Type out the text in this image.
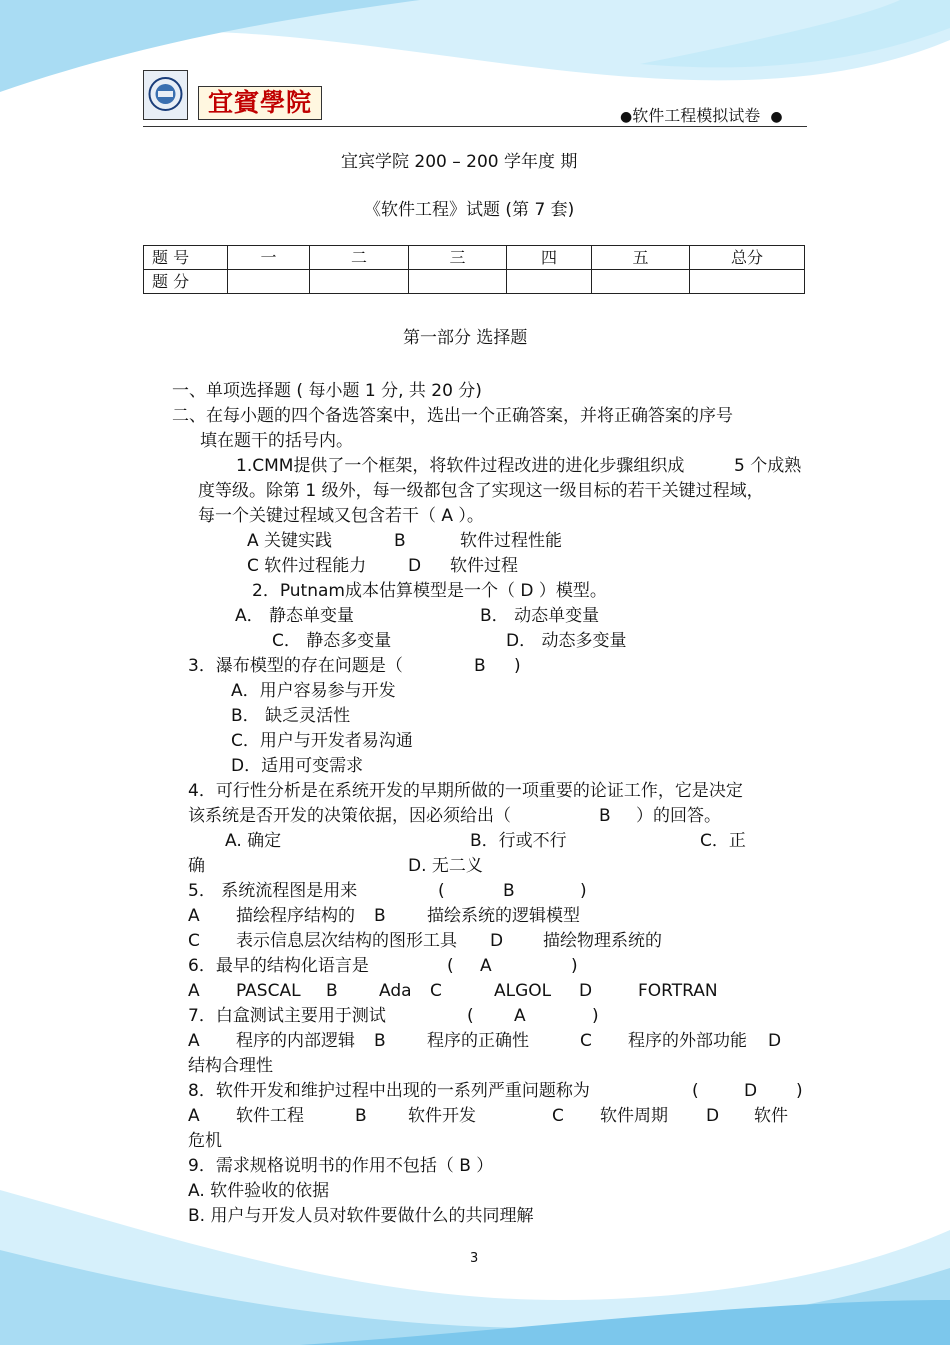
宜賓學院	●软件工程模拟试卷 ●
宜宾学院 200 – 200 学年度 期
《软件工程》试题 (第 7 套)
题 号	一	二	三	四	五	总分
题 分						
第一部分 选择题
一、单项选择题 ( 每小题 1 分, 共 20 分)
二、在每小题的四个备选答案中，选出一个正确答案，并将正确答案的序号
填在题干的括号内。
1.CMM提供了一个框架，将软件过程改进的进化步骤组织成	5 个成熟
度等级。除第 1 级外，每一级都包含了实现这一级目标的若干关键过程域，
每一个关键过程域又包含若干（ A ）。
A 关键实践	B	软件过程性能
C 软件过程能力 D 软件过程
2．Putnam成本估算模型是一个（ D ）模型。
A． 静态单变量	B． 动态单变量
C． 静态多变量	D． 动态多变量
3．瀑布模型的存在问题是（	B )
A．用户容易参与开发
B． 缺乏灵活性
C．用户与开发者易沟通
D．适用可变需求
4．可行性分析是在系统开发的早期所做的一项重要的论证工作，它是决定
该系统是否开发的决策依据，因必须给出（	B ）的回答。
A. 确定	B．行或不行	C．正
确	D. 无二义
5． 系统流程图是用来	(	B	)
A 描绘程序结构的 B 描绘系统的逻辑模型
C 表示信息层次结构的图形工具 D 描绘物理系统的
6．最早的结构化语言是	( A	)
A PASCAL B Ada C	ALGOL D	FORTRAN
7．白盒测试主要用于测试	( A	)
A 程序的内部逻辑 B 程序的正确性	C 程序的外部功能 D
结构合理性
8．软件开发和维护过程中出现的一系列严重问题称为	(	D )
A 软件工程	B 软件开发	C 软件周期 D 软件
危机
9．需求规格说明书的作用不包括（ B ）
A. 软件验收的依据
B. 用户与开发人员对软件要做什么的共同理解
3
